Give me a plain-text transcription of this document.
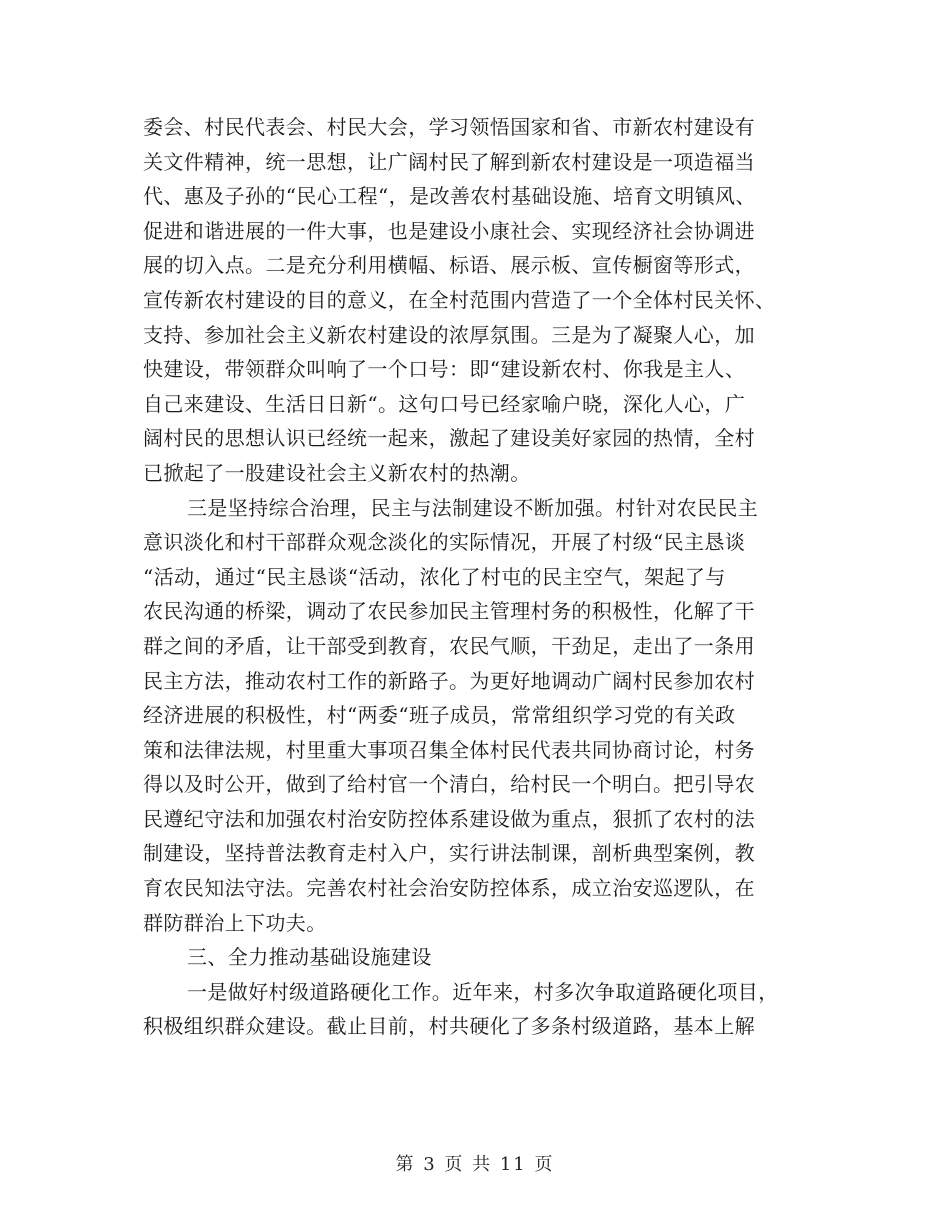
委会、村民代表会、村民大会，学习领悟国家和省、市新农村建设有
关文件精神，统一思想，让广阔村民了解到新农村建设是一项造福当
代、惠及子孙的“民心工程“，是改善农村基础设施、培育文明镇风、
促进和谐进展的一件大事，也是建设小康社会、实现经济社会协调进
展的切入点。二是充分利用横幅、标语、展示板、宣传橱窗等形式，
宣传新农村建设的目的意义，在全村范围内营造了一个全体村民关怀、
支持、参加社会主义新农村建设的浓厚氛围。三是为了凝聚人心，加
快建设，带领群众叫响了一个口号：即“建设新农村、你我是主人、
自己来建设、生活日日新“。这句口号已经家喻户晓，深化人心，广
阔村民的思想认识已经统一起来，激起了建设美好家园的热情，全村
已掀起了一股建设社会主义新农村的热潮。
三是坚持综合治理，民主与法制建设不断加强。村针对农民民主
意识淡化和村干部群众观念淡化的实际情况，开展了村级“民主恳谈
“活动，通过“民主恳谈“活动，浓化了村屯的民主空气，架起了与
农民沟通的桥梁，调动了农民参加民主管理村务的积极性，化解了干
群之间的矛盾，让干部受到教育，农民气顺，干劲足，走出了一条用
民主方法，推动农村工作的新路子。为更好地调动广阔村民参加农村
经济进展的积极性，村“两委“班子成员，常常组织学习党的有关政
策和法律法规，村里重大事项召集全体村民代表共同协商讨论，村务
得以及时公开，做到了给村官一个清白，给村民一个明白。把引导农
民遵纪守法和加强农村治安防控体系建设做为重点，狠抓了农村的法
制建设，坚持普法教育走村入户，实行讲法制课，剖析典型案例，教
育农民知法守法。完善农村社会治安防控体系，成立治安巡逻队，在
群防群治上下功夫。
三、全力推动基础设施建设
一是做好村级道路硬化工作。近年来，村多次争取道路硬化项目，
积极组织群众建设。截止目前，村共硬化了多条村级道路，基本上解
第 3 页 共 11 页
